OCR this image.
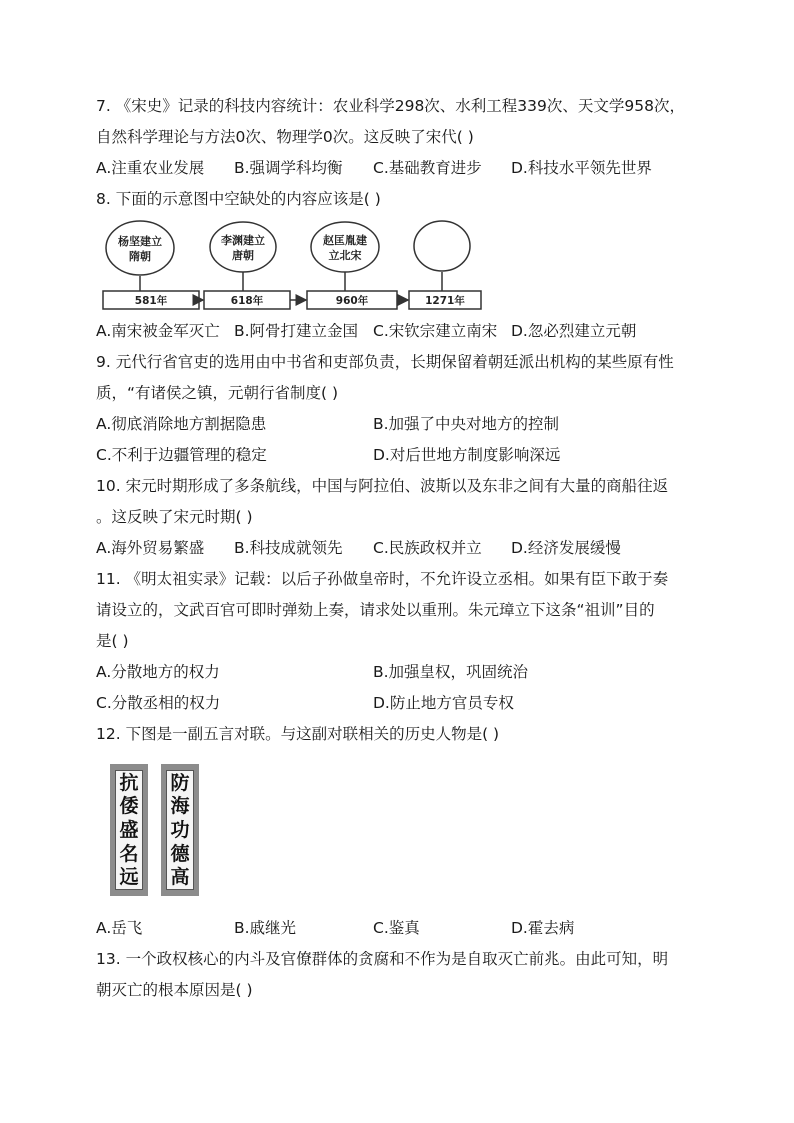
7. 《宋史》记录的科技内容统计：农业科学298次、水利工程339次、天文学958次，
自然科学理论与方法0次、物理学0次。这反映了宋代( )
A.注重农业发展 B.强调学科均衡 C.基础教育进步 D.科技水平领先世界
8. 下面的示意图中空缺处的内容应该是( )
杨坚建立
隋朝
李渊建立
唐朝
赵匡胤建
立北宋
581年	618年	960年	1271年
A.南宋被金军灭亡 B.阿骨打建立金国 C.宋钦宗建立南宋 D.忽必烈建立元朝
9. 元代行省官吏的选用由中书省和吏部负责，长期保留着朝廷派出机构的某些原有性
质，“有诸侯之镇，元朝行省制度( )
A.彻底消除地方割据隐患	B.加强了中央对地方的控制
C.不利于边疆管理的稳定	D.对后世地方制度影响深远
10. 宋元时期形成了多条航线，中国与阿拉伯、波斯以及东非之间有大量的商船往返
。这反映了宋元时期( )
A.海外贸易繁盛 B.科技成就领先 C.民族政权并立 D.经济发展缓慢
11. 《明太祖实录》记载：以后子孙做皇帝时，不允许设立丞相。如果有臣下敢于奏
请设立的，文武百官可即时弹劾上奏，请求处以重刑。朱元璋立下这条“祖训”目的
是( )
A.分散地方的权力	B.加强皇权，巩固统治
C.分散丞相的权力	D.防止地方官员专权
12. 下图是一副五言对联。与这副对联相关的历史人物是( )
抗
倭
盛
名
远
防
海
功
德
高
A.岳飞	B.戚继光	C.鉴真	D.霍去病
13. 一个政权核心的内斗及官僚群体的贪腐和不作为是自取灭亡前兆。由此可知，明
朝灭亡的根本原因是( )
